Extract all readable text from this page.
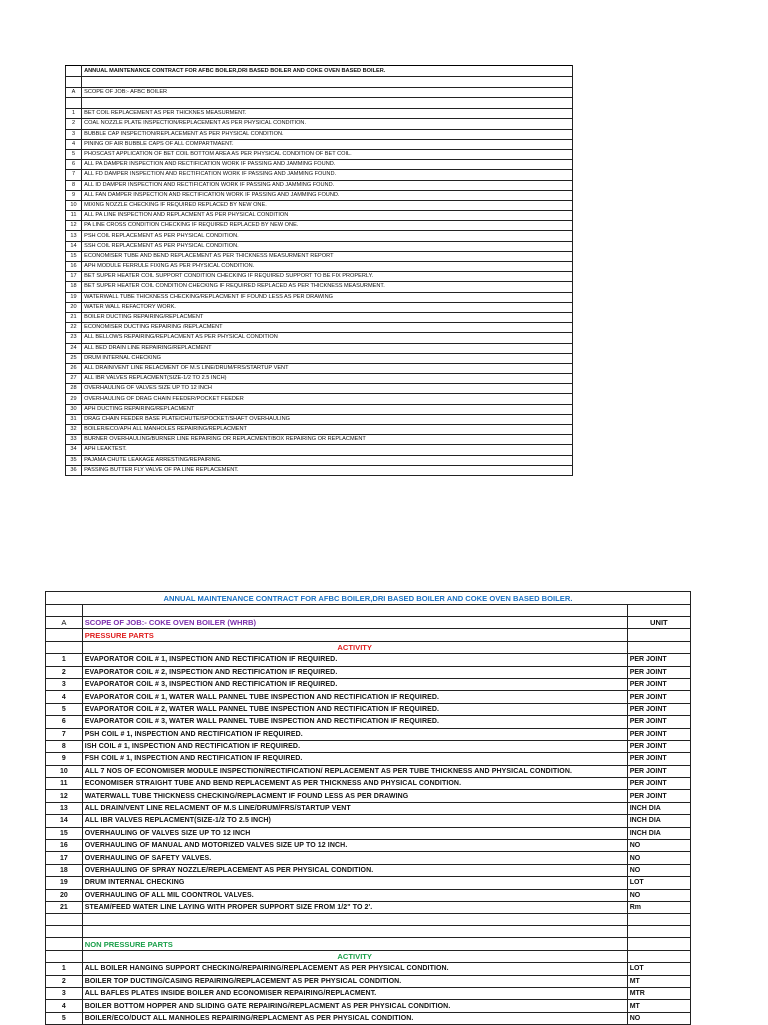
	ANNUAL MAINTENANCE CONTRACT FOR AFBC BOILER,DRI BASED BOILER AND COKE OVEN BASED BOILER.

A	SCOPE OF JOB:- AFBC BOILER

1	BET COIL REPLACEMENT AS PER THICKNES MEASURMENT.
2	COAL NOZZLE PLATE INSPECTION/REPLACEMENT AS PER PHYSICAL CONDITION.
3	BUBBLE CAP INSPECTION/REPLACEMENT AS PER PHYSICAL CONDITION.
4	PINING OF AIR BUBBLE CAPS OF ALL COMPARTMAENT.
5	PHOSCAST APPLICATION OF BET COIL BOTTOM AREA AS PER PHYSICAL CONDITION OF BET COIL.
6	ALL PA DAMPER INSPECTION AND RECTIFICATION WORK IF PASSING AND JAMMING FOUND.
7	ALL FD DAMPER INSPECTION AND RECTIFICATION WORK IF PASSING AND JAMMING FOUND.
8	ALL ID DAMPER INSPECTION AND RECTIFICATION WORK IF PASSING AND JAMMING FOUND.
9	ALL FAN DAMPER INSPECTION AND RECTIFICATION WORK IF PASSING AND JAMMING FOUND.
10	MIXING NOZZLE CHECKING IF REQUIRED REPLACED BY NEW ONE.
11	ALL PA LINE INSPECTION AND REPLACMENT AS PER PHYSICAL CONDITION
12	PA LINE CROSS CONDITION CHECKING IF REQUIRED REPLACED BY NEW ONE.
13	PSH COIL REPLACEMENT AS PER PHYSICAL CONDITION.
14	SSH COIL REPLACEMENT AS PER PHYSICAL CONDITION.
15	ECONOMISER TUBE AND BEND REPLACEMENT AS PER THICKNESS MEASURMENT REPORT
16	APH MODULE FERRULE FIXING AS PER PHYSICAL CONDITION.
17	BET SUPER HEATER COIL SUPPORT CONDITION CHECKING IF REQUIRED SUPPORT TO BE FIX PROPERLY.
18	BET SUPER HEATER COIL CONDITION CHECKING IF REQUIRED REPLACED AS PER THICKNESS MEASURMENT.
19	WATERWALL TUBE THICKNESS CHECKING/REPLACMENT IF FOUND LESS AS PER DRAWING
20	WATER WALL REFACTORY WORK.
21	BOILER DUCTING REPAIRING/REPLACMENT
22	ECONOMISER DUCTING REPAIRING /REPLACMENT
23	ALL BELLOWS REPAIRING/REPLACMENT AS PER PHYSICAL CONDITION
24	ALL BED DRAIN LINE REPAIRING/REPLACMENT
25	DRUM INTERNAL CHECKING
26	ALL DRAIN/VENT LINE RELACMENT OF M.S LINE/DRUM/FRS/STARTUP VENT
27	ALL IBR VALVES REPLACMENT(SIZE-1/2 TO 2.5 INCH)
28	OVERHAULING OF VALVES SIZE UP TO 12 INCH
29	OVERHAULING OF DRAG CHAIN FEEDER/POCKET FEEDER
30	APH DUCTING REPAIRING/REPLACMENT
31	DRAG CHAIN FEEDER BASE PLATE/CHUTE/SPOCKET/SHAFT OVERHAULING
32	BOILER/ECO/APH ALL MANHOLES REPAIRING/REPLACMENT
33	BURNER OVERHAULING/BURNER LINE REPAIRING OR REPLACMENT/BOX REPAIRING OR REPLACMENT
34	APH LEAKTEST.
35	PAJAMA CHUTE LEAKAGE ARRESTING/REPAIRING.
36	PASSING BUTTER FLY VALVE OF PA LINE REPLACEMENT.
ANNUAL MAINTENANCE CONTRACT FOR AFBC BOILER,DRI BASED BOILER AND COKE OVEN BASED BOILER.		

A	SCOPE OF JOB:- COKE OVEN BOILER (WHRB)	UNIT
	PRESSURE PARTS	
	ACTIVITY	
1	EVAPORATOR COIL # 1, INSPECTION AND RECTIFICATION IF REQUIRED.	PER JOINT
2	EVAPORATOR COIL # 2, INSPECTION AND RECTIFICATION IF REQUIRED.	PER JOINT
3	EVAPORATOR COIL # 3, INSPECTION AND RECTIFICATION IF REQUIRED.	PER JOINT
4	EVAPORATOR COIL # 1, WATER WALL PANNEL TUBE INSPECTION AND RECTIFICATION IF REQUIRED.	PER JOINT
5	EVAPORATOR COIL # 2, WATER WALL PANNEL TUBE INSPECTION AND RECTIFICATION IF REQUIRED.	PER JOINT
6	EVAPORATOR COIL # 3, WATER WALL PANNEL TUBE INSPECTION AND RECTIFICATION IF REQUIRED.	PER JOINT
7	PSH COIL # 1, INSPECTION AND RECTIFICATION IF REQUIRED.	PER JOINT
8	ISH COIL # 1, INSPECTION AND RECTIFICATION IF REQUIRED.	PER JOINT
9	FSH COIL # 1, INSPECTION AND RECTIFICATION IF REQUIRED.	PER JOINT
10	ALL 7 NOS OF ECONOMISER MODULE INSPECTION/RECTIFICATION/ REPLACEMENT AS PER TUBE THICKNESS AND PHYSICAL CONDITION.	PER JOINT
11	ECONOMISER STRAIGHT TUBE AND BEND REPLACEMENT AS PER THICKNESS AND PHYSICAL CONDITION.	PER JOINT
12	WATERWALL TUBE THICKNESS CHECKING/REPLACMENT IF FOUND LESS AS PER DRAWING	PER JOINT
13	ALL DRAIN/VENT LINE RELACMENT OF M.S LINE/DRUM/FRS/STARTUP VENT	INCH DIA
14	ALL IBR VALVES REPLACMENT(SIZE-1/2 TO 2.5 INCH)	INCH DIA
15	OVERHAULING OF VALVES SIZE UP TO 12 INCH	INCH DIA
16	OVERHAULING OF MANUAL AND MOTORIZED VALVES SIZE UP TO 12 INCH.	NO
17	OVERHAULING OF SAFETY VALVES.	NO
18	OVERHAULING OF SPRAY NOZZLE/REPLACEMENT AS PER PHYSICAL CONDITION.	NO
19	DRUM INTERNAL CHECKING	LOT
20	OVERHAULING OF ALL MIL COONTROL VALVES.	NO
21	STEAM/FEED WATER LINE LAYING WITH PROPER SUPPORT SIZE FROM 1/2" TO 2'.	Rm

	NON PRESSURE PARTS	
	ACTIVITY	
1	ALL BOILER HANGING SUPPORT CHECKING/REPAIRING/REPLACEMENT AS PER PHYSICAL CONDITION.	LOT
2	BOILER TOP DUCTING/CASING REPAIRING/REPLACEMENT AS PER PHYSICAL CONDITION.	MT
3	ALL BAFLES PLATES INSIDE BOILER AND ECONOMISER REPAIRING/REPLACMENT.	MTR
4	BOILER BOTTOM HOPPER AND SLIDING GATE REPAIRING/REPLACMENT AS PER PHYSICAL CONDITION.	MT
5	BOILER/ECO/DUCT ALL MANHOLES REPAIRING/REPLACMENT AS PER PHYSICAL CONDITION.	NO
